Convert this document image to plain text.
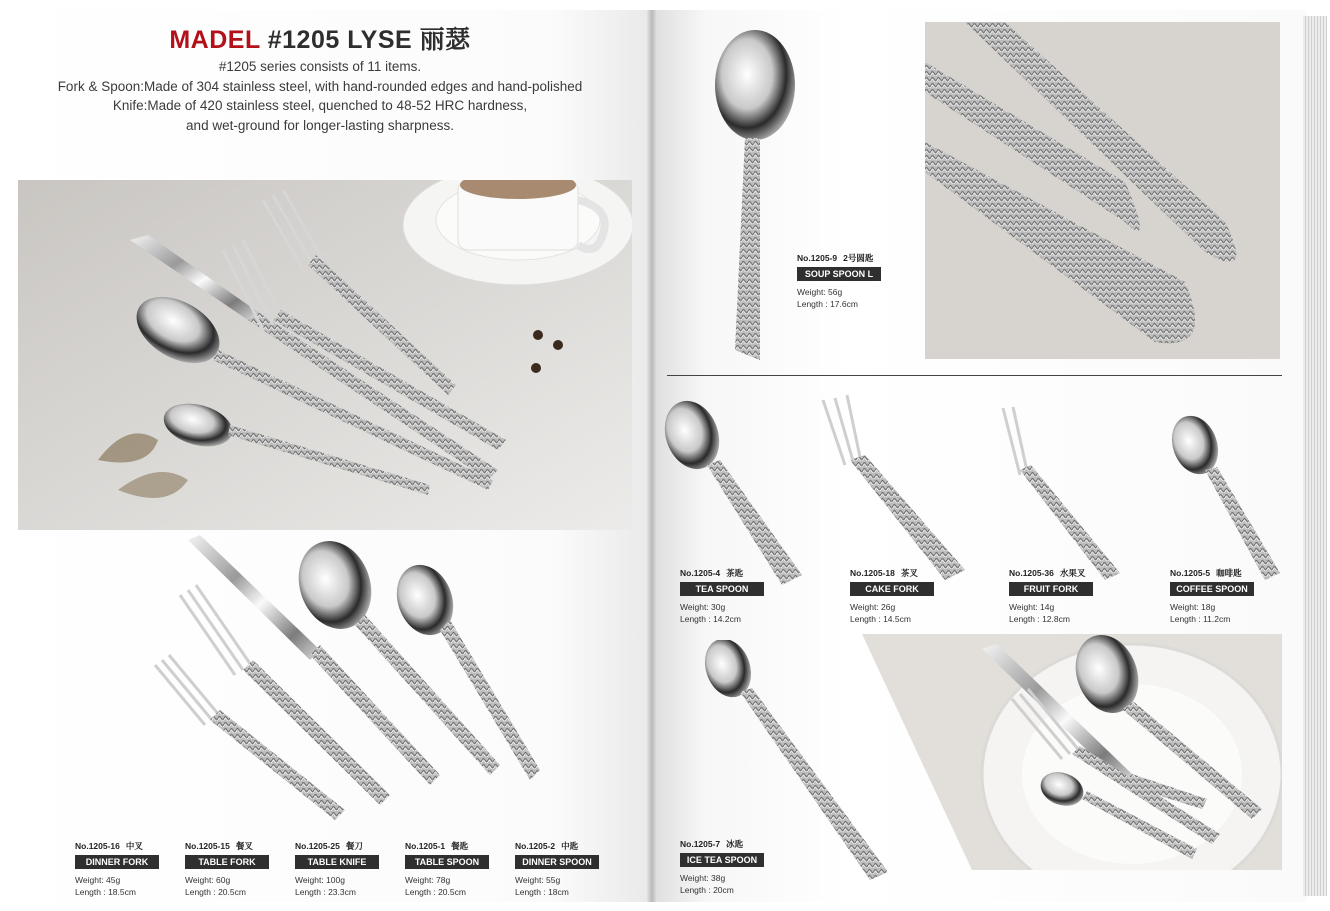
MADEL #1205 LYSE 丽瑟
#1205 series consists of 11 items.
Fork & Spoon:Made of 304 stainless steel, with hand-rounded edges and hand-polished
Knife:Made of 420 stainless steel, quenched to 48-52 HRC hardness,
and wet-ground for longer-lasting sharpness.
No.1205-16 中叉
DINNER FORK
Weight: 45g
Length : 18.5cm
No.1205-15 餐叉
TABLE FORK
Weight: 60g
Length : 20.5cm
No.1205-25 餐刀
TABLE KNIFE
Weight: 100g
Length : 23.3cm
No.1205-1 餐匙
TABLE SPOON
Weight: 78g
Length : 20.5cm
No.1205-2 中匙
DINNER SPOON
Weight: 55g
Length : 18cm
No.1205-9 2号圆匙
SOUP SPOON L
Weight: 56g
Length : 17.6cm
No.1205-4 茶匙
TEA SPOON
Weight: 30g
Length : 14.2cm
No.1205-18 茶叉
CAKE FORK
Weight: 26g
Length : 14.5cm
No.1205-36 水果叉
FRUIT FORK
Weight: 14g
Length : 12.8cm
No.1205-5 咖啡匙
COFFEE SPOON
Weight: 18g
Length : 11.2cm
No.1205-7 冰匙
ICE TEA SPOON
Weight: 38g
Length : 20cm
